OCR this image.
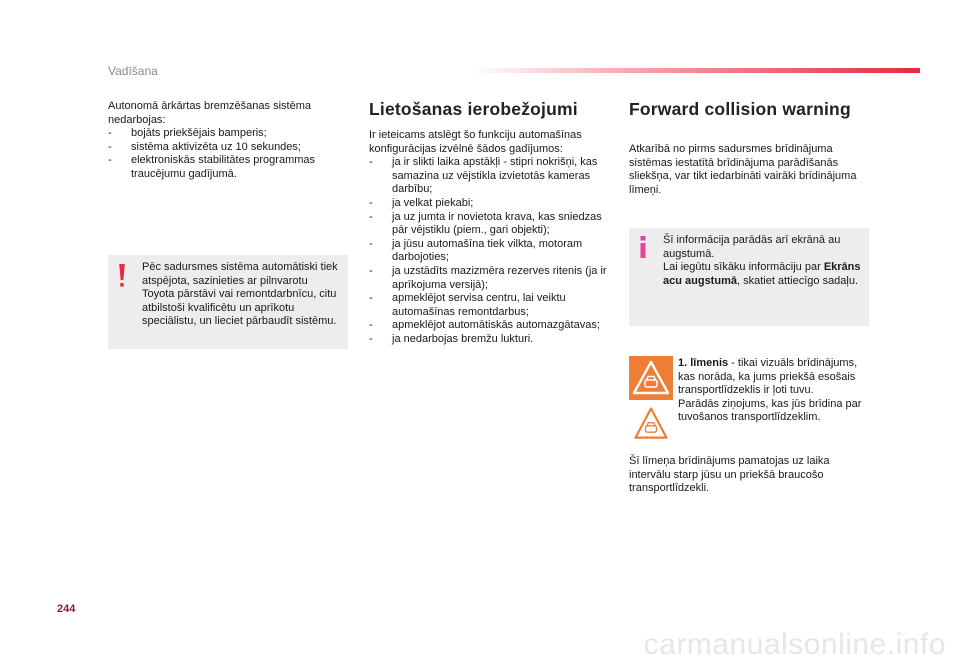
Vadīšana

Autonomā ārkārtas bremzēšanas sistēma nedarbojas:

- bojāts priekšējais bamperis;
- sistēma aktivizēta uz 10 sekundes;
- elektroniskās stabilitātes programmas traucējumu gadījumā.
Pēc sadursmes sistēma automātiski tiek atspējota, sazinieties ar pilnvarotu Toyota pārstāvi vai remontdarbnīcu, citu atbilstoši kvalificētu un aprīkotu speciālistu, un lieciet pārbaudīt sistēmu.
Lietošanas ierobežojumi

Ir ieteicams atslēgt šo funkciju automašīnas konfigurācijas izvēlnē šādos gadījumos:

- ja ir slikti laika apstākļi - stipri nokrišņi, kas samazina uz vējstikla izvietotās kameras darbību;
- ja velkat piekabi;
- ja uz jumta ir novietota krava, kas sniedzas pār vējstiklu (piem., gari objekti);
- ja jūsu automašīna tiek vilkta, motoram darbojoties;
- ja uzstādīts mazizmēra rezerves ritenis (ja ir aprīkojuma versijā);
- apmeklējot servisa centru, lai veiktu automašīnas remontdarbus;
- apmeklējot automātiskās automazgātavas;
- ja nedarbojas bremžu lukturi.
Forward collision warning
Atkarībā no pirms sadursmes brīdinājuma sistēmas iestatītā brīdinājuma parādīšanās sliekšņa, var tikt iedarbināti vairāki brīdinājuma līmeņi.
Šī informācija parādās arī ekrānā au augstumā.
Lai iegūtu sīkāku informāciju par Ekrāns acu augstumā, skatiet attiecīgo sadaļu.

1. līmenis - tikai vizuāls brīdinājums, kas norāda, ka jums priekšā esošais transportlīdzeklis ir ļoti tuvu.

Parādās ziņojums, kas jūs brīdina par tuvošanos transportlīdzeklim.

Šī līmeņa brīdinājums pamatojas uz laika intervālu starp jūsu un priekšā braucošo transportlīdzekli.
244
carmanualsonline.info
